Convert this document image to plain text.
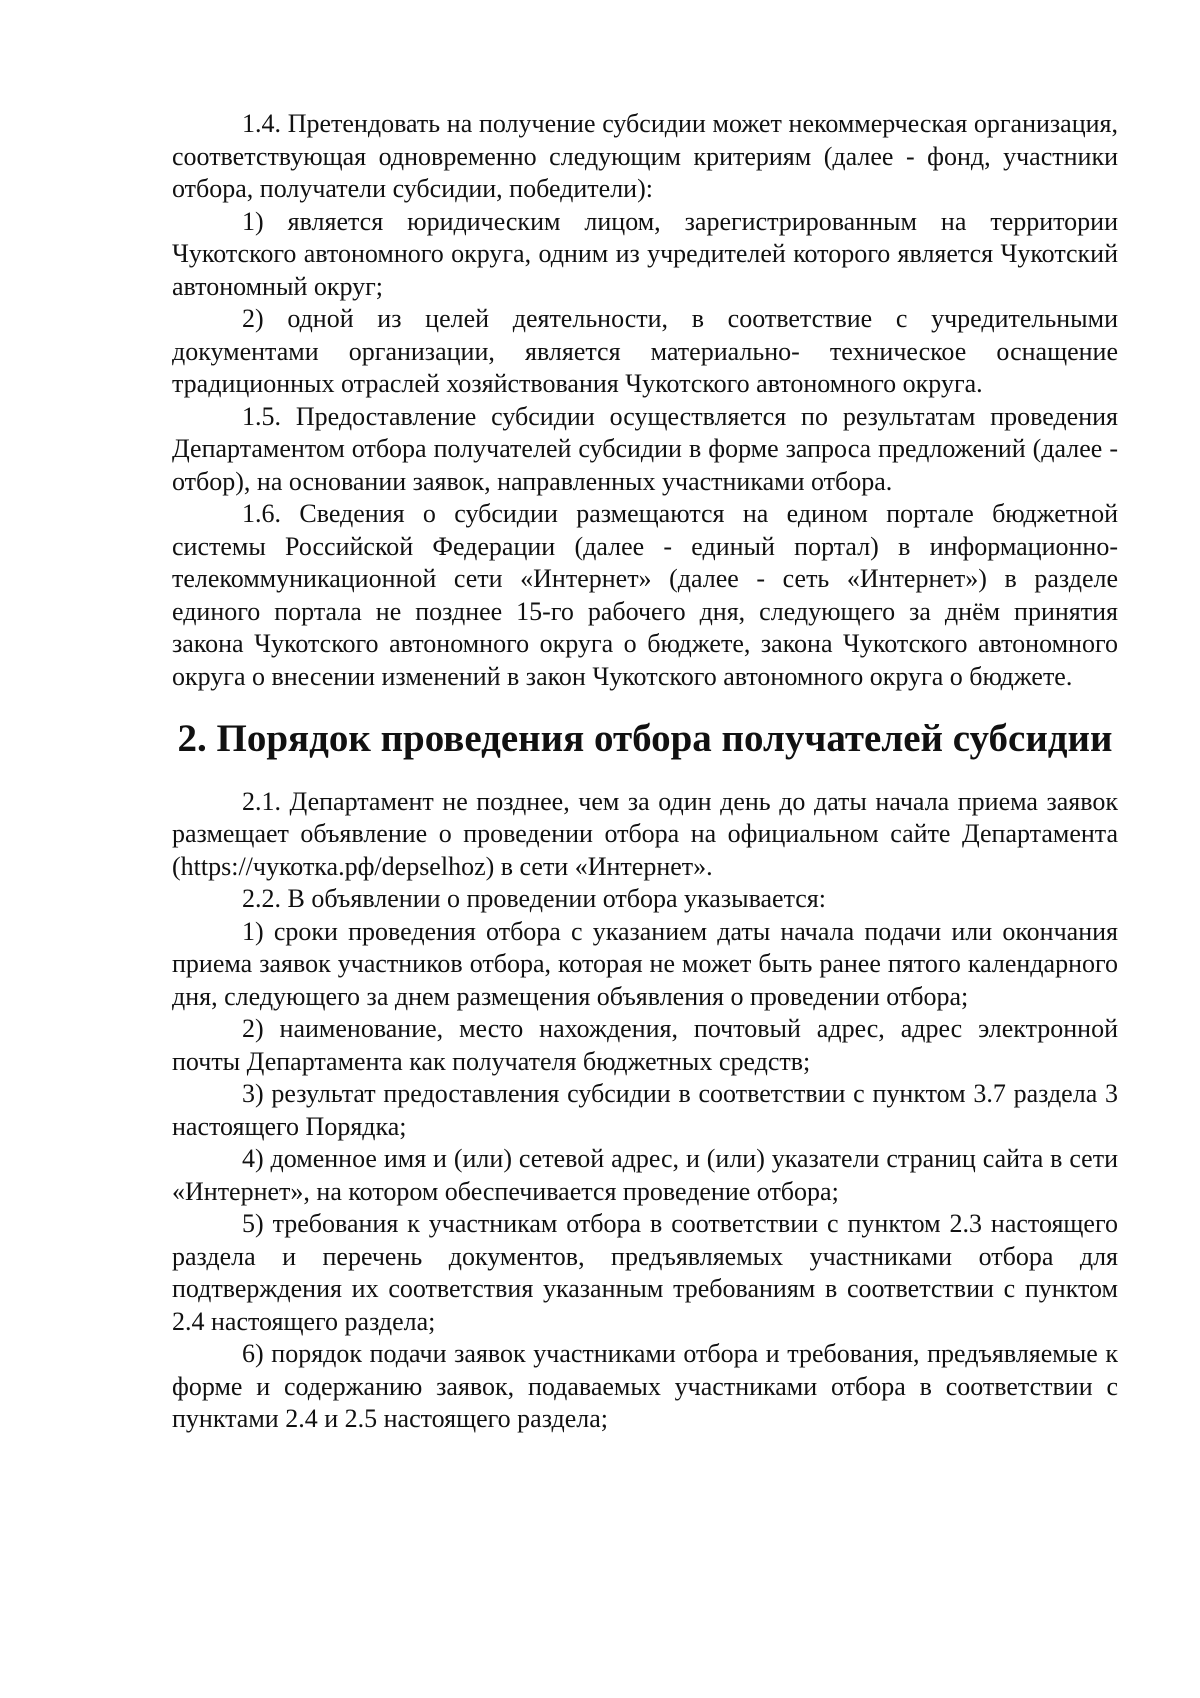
1.4. Претендовать на получение субсидии может некоммерческая организация, соответствующая одновременно следующим критериям (далее - фонд, участники отбора, получатели субсидии, победители):

1) является юридическим лицом, зарегистрированным на территории Чукотского автономного округа, одним из учредителей которого является Чукотский автономный округ;

2) одной из целей деятельности, в соответствие с учредительными документами организации, является материально- техническое оснащение традиционных отраслей хозяйствования Чукотского автономного округа.

1.5. Предоставление субсидии осуществляется по результатам проведения Департаментом отбора получателей субсидии в форме запроса предложений (далее - отбор), на основании заявок, направленных участниками отбора.

1.6. Сведения о субсидии размещаются на едином портале бюджетной системы Российской Федерации (далее - единый портал) в информационно-телекоммуникационной сети «Интернет» (далее - сеть «Интернет») в разделе единого портала не позднее 15-го рабочего дня, следующего за днём принятия закона Чукотского автономного округа о бюджете, закона Чукотского автономного округа о внесении изменений в закон Чукотского автономного округа о бюджете.

2. Порядок проведения отбора получателей субсидии

2.1. Департамент не позднее, чем за один день до даты начала приема заявок размещает объявление о проведении отбора на официальном сайте Департамента (https://чукотка.рф/depselhoz) в сети «Интернет».

2.2. В объявлении о проведении отбора указывается:

1) сроки проведения отбора с указанием даты начала подачи или окончания приема заявок участников отбора, которая не может быть ранее пятого календарного дня, следующего за днем размещения объявления о проведении отбора;

2) наименование, место нахождения, почтовый адрес, адрес электронной почты Департамента как получателя бюджетных средств;

3) результат предоставления субсидии в соответствии с пунктом 3.7 раздела 3 настоящего Порядка;

4) доменное имя и (или) сетевой адрес, и (или) указатели страниц сайта в сети «Интернет», на котором обеспечивается проведение отбора;

5) требования к участникам отбора в соответствии с пунктом 2.3 настоящего раздела и перечень документов, предъявляемых участниками отбора для подтверждения их соответствия указанным требованиям в соответствии с пунктом 2.4 настоящего раздела;

6) порядок подачи заявок участниками отбора и требования, предъявляемые к форме и содержанию заявок, подаваемых участниками отбора в соответствии с пунктами 2.4 и 2.5 настоящего раздела;
